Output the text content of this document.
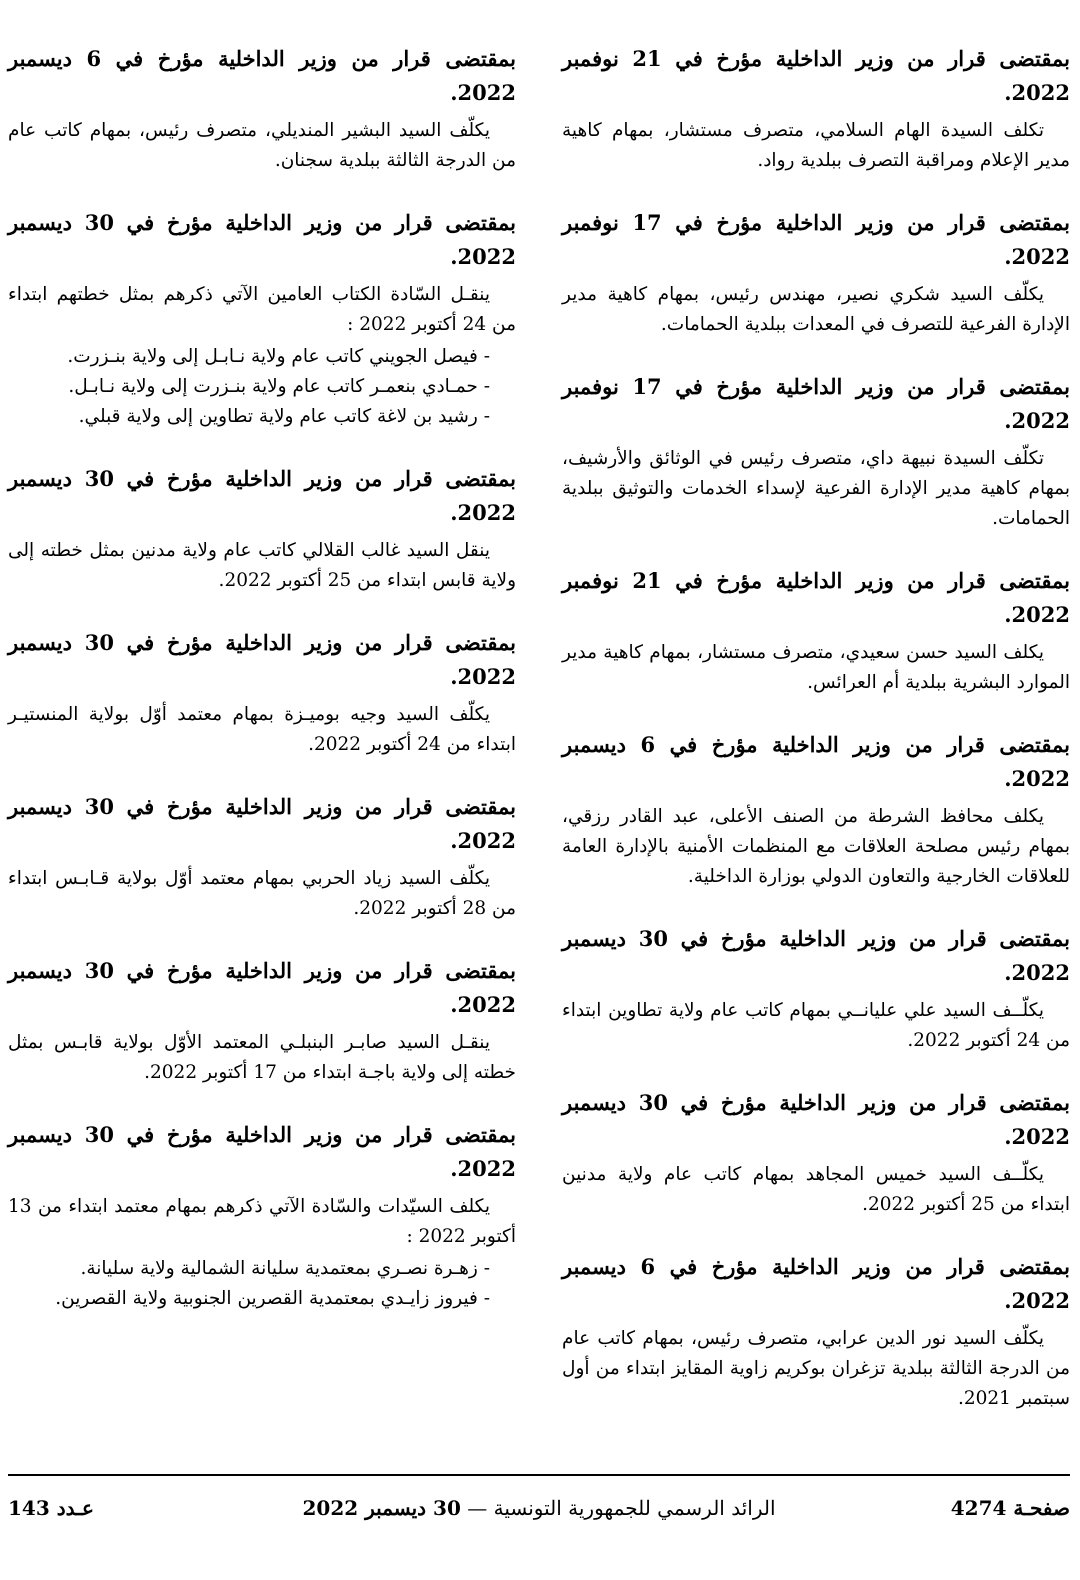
بمقتضى قرار من وزير الداخلية مؤرخ في 21 نوفمبر 2022.

تكلف السيدة الهام السلامي، متصرف مستشار، بمهام كاهية مدير الإعلام ومراقبة التصرف ببلدية رواد.

بمقتضى قرار من وزير الداخلية مؤرخ في 17 نوفمبر 2022.

يكلّف السيد شكري نصير، مهندس رئيس، بمهام كاهية مدير الإدارة الفرعية للتصرف في المعدات ببلدية الحمامات.

بمقتضى قرار من وزير الداخلية مؤرخ في 17 نوفمبر 2022.

تكلّف السيدة نبيهة داي، متصرف رئيس في الوثائق والأرشيف، بمهام كاهية مدير الإدارة الفرعية لإسداء الخدمات والتوثيق ببلدية الحمامات.

بمقتضى قرار من وزير الداخلية مؤرخ في 21 نوفمبر 2022.

يكلف السيد حسن سعيدي، متصرف مستشار، بمهام كاهية مدير الموارد البشرية ببلدية أم العرائس.

بمقتضى قرار من وزير الداخلية مؤرخ في 6 ديسمبر 2022.

يكلف محافظ الشرطة من الصنف الأعلى، عبد القادر رزقي، بمهام رئيس مصلحة العلاقات مع المنظمات الأمنية بالإدارة العامة للعلاقات الخارجية والتعاون الدولي بوزارة الداخلية.

بمقتضى قرار من وزير الداخلية مؤرخ في 30 ديسمبر 2022.

يكلّــف السيد علي عليانــي بمهام كاتب عام ولاية تطاوين ابتداء من 24 أكتوبر 2022.

بمقتضى قرار من وزير الداخلية مؤرخ في 30 ديسمبر 2022.

يكلّــف السيد خميس المجاهد بمهام كاتب عام ولاية مدنين ابتداء من 25 أكتوبر 2022.

بمقتضى قرار من وزير الداخلية مؤرخ في 6 ديسمبر 2022.

يكلّف السيد نور الدين عرابي، متصرف رئيس، بمهام كاتب عام من الدرجة الثالثة ببلدية تزغران بوكريم زاوية المقايز ابتداء من أول سبتمبر 2021.

بمقتضى قرار من وزير الداخلية مؤرخ في 6 ديسمبر 2022.

يكلّف السيد البشير المنديلي، متصرف رئيس، بمهام كاتب عام من الدرجة الثالثة ببلدية سجنان.

بمقتضى قرار من وزير الداخلية مؤرخ في 30 ديسمبر 2022.

ينقـل السّادة الكتاب العامين الآتي ذكرهم بمثل خطتهم ابتداء من 24 أكتوبر 2022 :

- فيصل الجويني كاتب عام ولاية نـابـل إلى ولاية بنـزرت.
- حمـادي بنعمـر كاتب عام ولاية بنـزرت إلى ولاية نـابـل.
- رشيد بن لاغة كاتب عام ولاية تطاوين إلى ولاية قبلي.

بمقتضى قرار من وزير الداخلية مؤرخ في 30 ديسمبر 2022.

ينقل السيد غالب القلالي كاتب عام ولاية مدنين بمثل خطته إلى ولاية قابس ابتداء من 25 أكتوبر 2022.

بمقتضى قرار من وزير الداخلية مؤرخ في 30 ديسمبر 2022.

يكلّف السيد وجيه بوميـزة بمهام معتمد أوّل بولاية المنستيـر ابتداء من 24 أكتوبر 2022.

بمقتضى قرار من وزير الداخلية مؤرخ في 30 ديسمبر 2022.

يكلّف السيد زياد الحربي بمهام معتمد أوّل بولاية قـابـس ابتداء من 28 أكتوبر 2022.

بمقتضى قرار من وزير الداخلية مؤرخ في 30 ديسمبر 2022.

ينقـل السيد صابـر البنبلـي المعتمد الأوّل بولاية قابـس بمثل خطته إلى ولاية باجـة ابتداء من 17 أكتوبر 2022.

بمقتضى قرار من وزير الداخلية مؤرخ في 30 ديسمبر 2022.

يكلف السيّدات والسّادة الآتي ذكرهم بمهام معتمد ابتداء من 13 أكتوبر 2022 :

- زهـرة نصـري بمعتمدية سليانة الشمالية ولاية سليانة.
- فيروز زايـدي بمعتمدية القصرين الجنوبية ولاية القصرين.
صفحـة 4274
الرائد الرسمي للجمهورية التونسية — 30 ديسمبر 2022
عـدد 143
